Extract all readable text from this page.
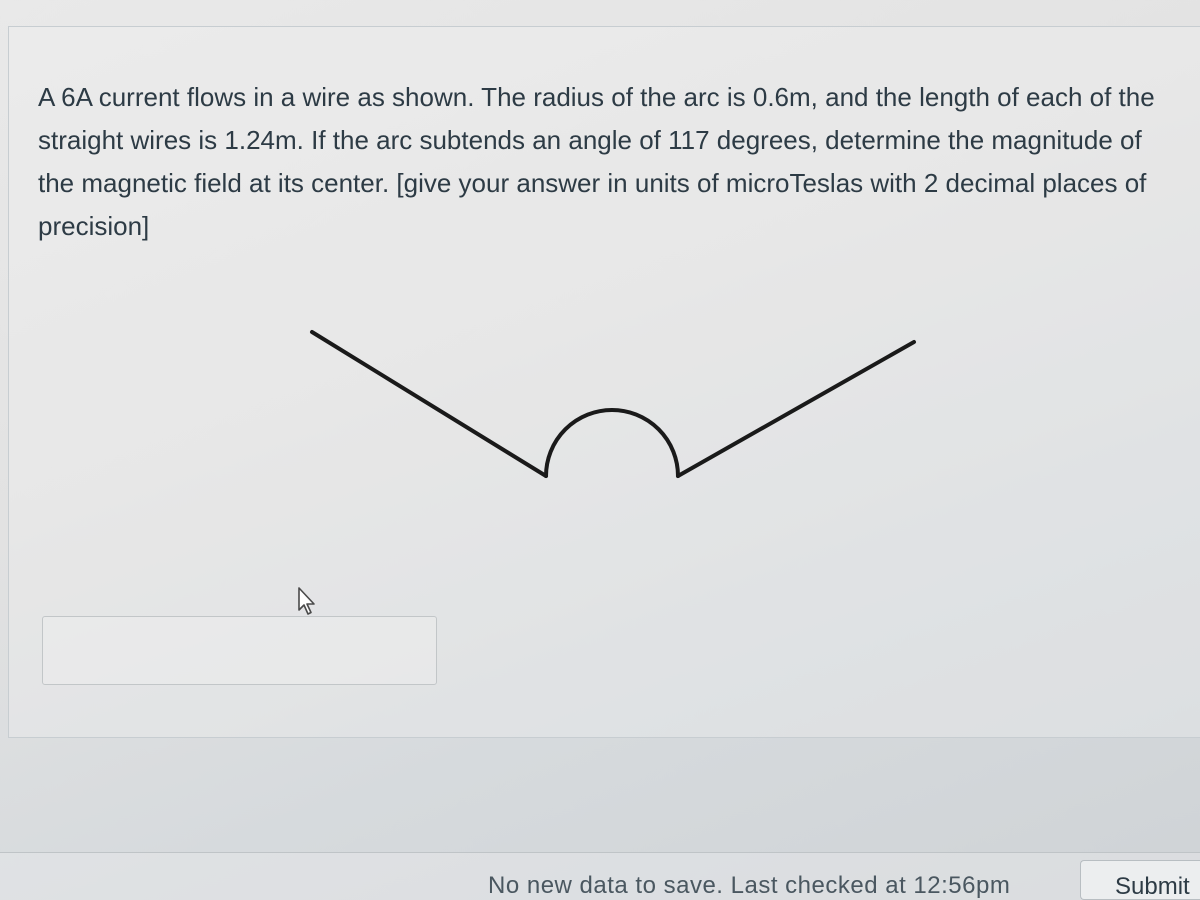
A 6A current flows in a wire as shown. The radius of the arc is 0.6m, and the length of each of the straight wires is 1.24m. If the arc subtends an angle of 117 degrees, determine the magnitude of the magnetic field at its center. [give your answer in units of microTeslas with 2 decimal places of precision]

No new data to save. Last checked at 12:56pm	Submit
